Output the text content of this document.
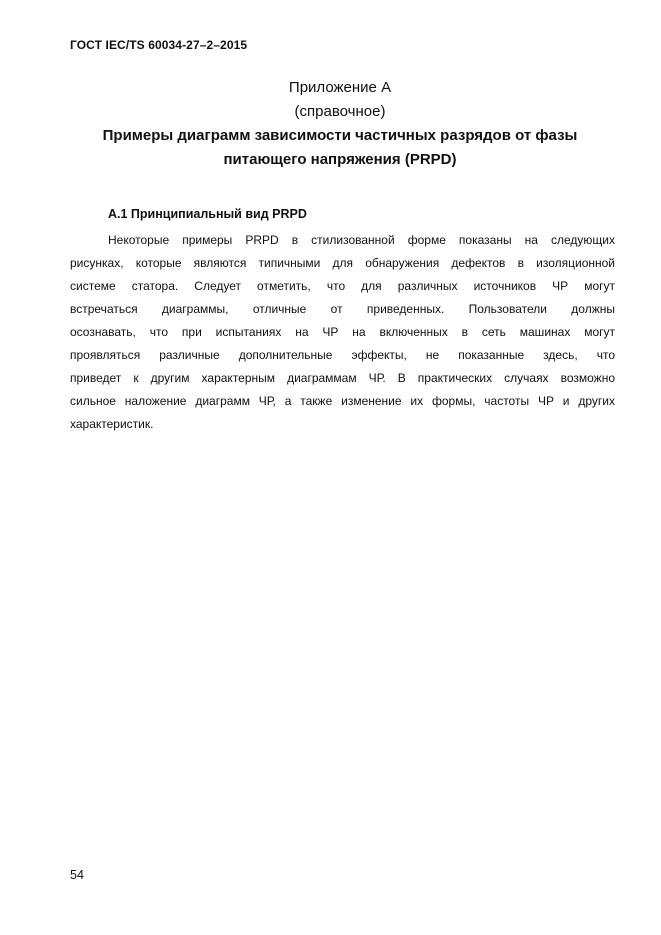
ГОСТ IEC/TS 60034-27–2–2015
Приложение А
(справочное)
Примеры диаграмм зависимости частичных разрядов от фазы
питающего напряжения (PRPD)
А.1 Принципиальный вид PRPD
Некоторые примеры PRPD в стилизованной форме показаны на следующих
рисунках, которые являются типичными для обнаружения дефектов в изоляционной
системе статора. Следует отметить, что для различных источников ЧР могут
встречаться диаграммы, отличные от приведенных. Пользователи должны
осознавать, что при испытаниях на ЧР на включенных в сеть машинах могут
проявляться различные дополнительные эффекты, не показанные здесь, что
приведет к другим характерным диаграммам ЧР. В практических случаях возможно
сильное наложение диаграмм ЧР, а также изменение их формы, частоты ЧР и других
характеристик.
54
